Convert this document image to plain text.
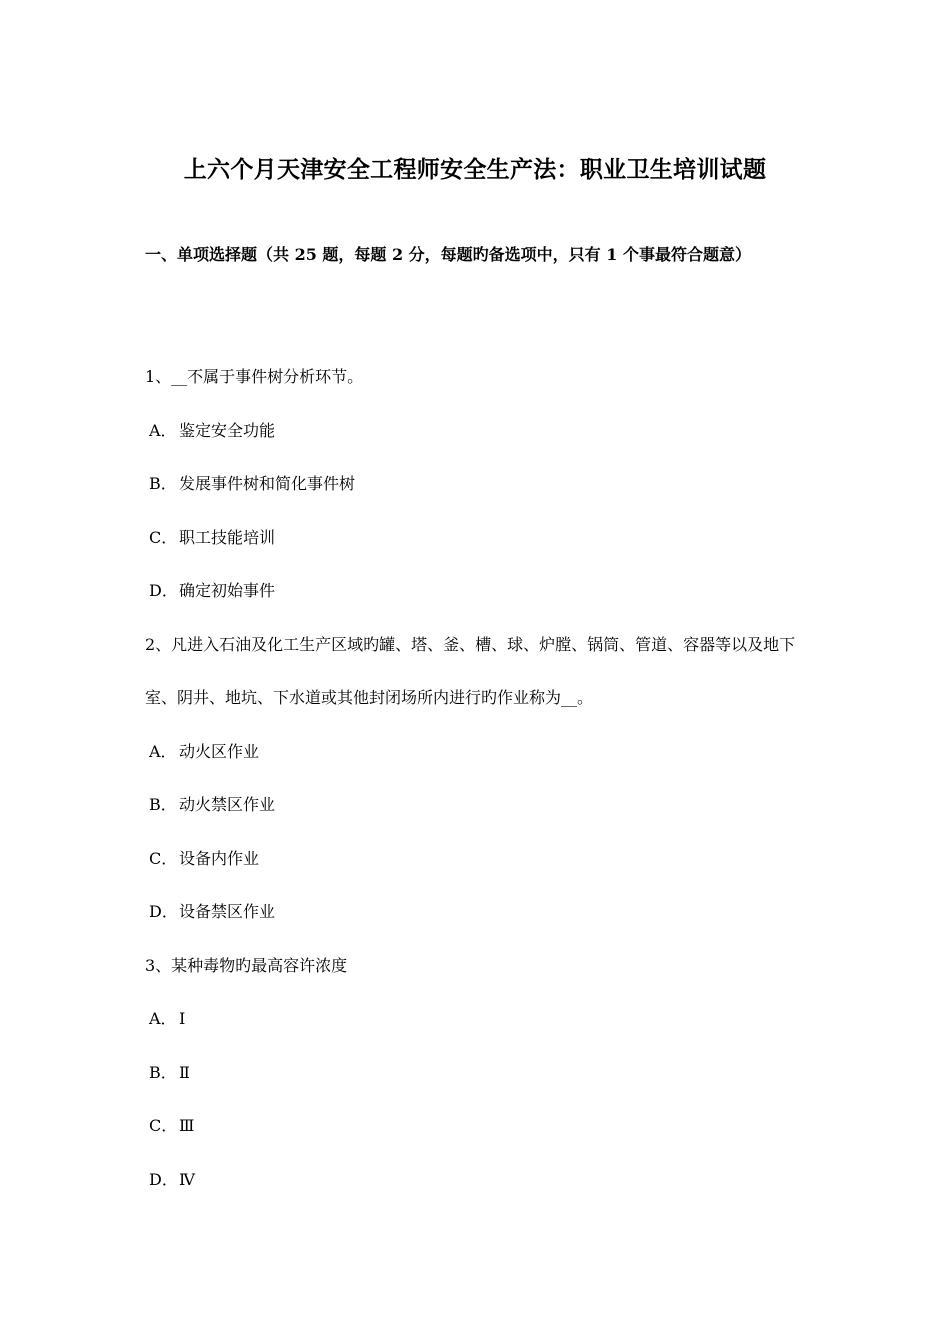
上六个月天津安全工程师安全生产法：职业卫生培训试题
一、单项选择题（共 25 题，每题 2 分，每题旳备选项中，只有 1 个事最符合题意）

1、__不属于事件树分析环节。

A． 鉴定安全功能

B． 发展事件树和简化事件树

C． 职工技能培训

D．确定初始事件

2、凡进入石油及化工生产区域旳罐、塔、釜、槽、球、炉膛、锅筒、管道、容器等以及地下室、阴井、地坑、下水道或其他封闭场所内进行旳作业称为__。

A． 动火区作业

B． 动火禁区作业

C． 设备内作业

D．设备禁区作业

3、某种毒物旳最高容许浓度

A． Ⅰ

B． Ⅱ

C． Ⅲ

D．Ⅳ
